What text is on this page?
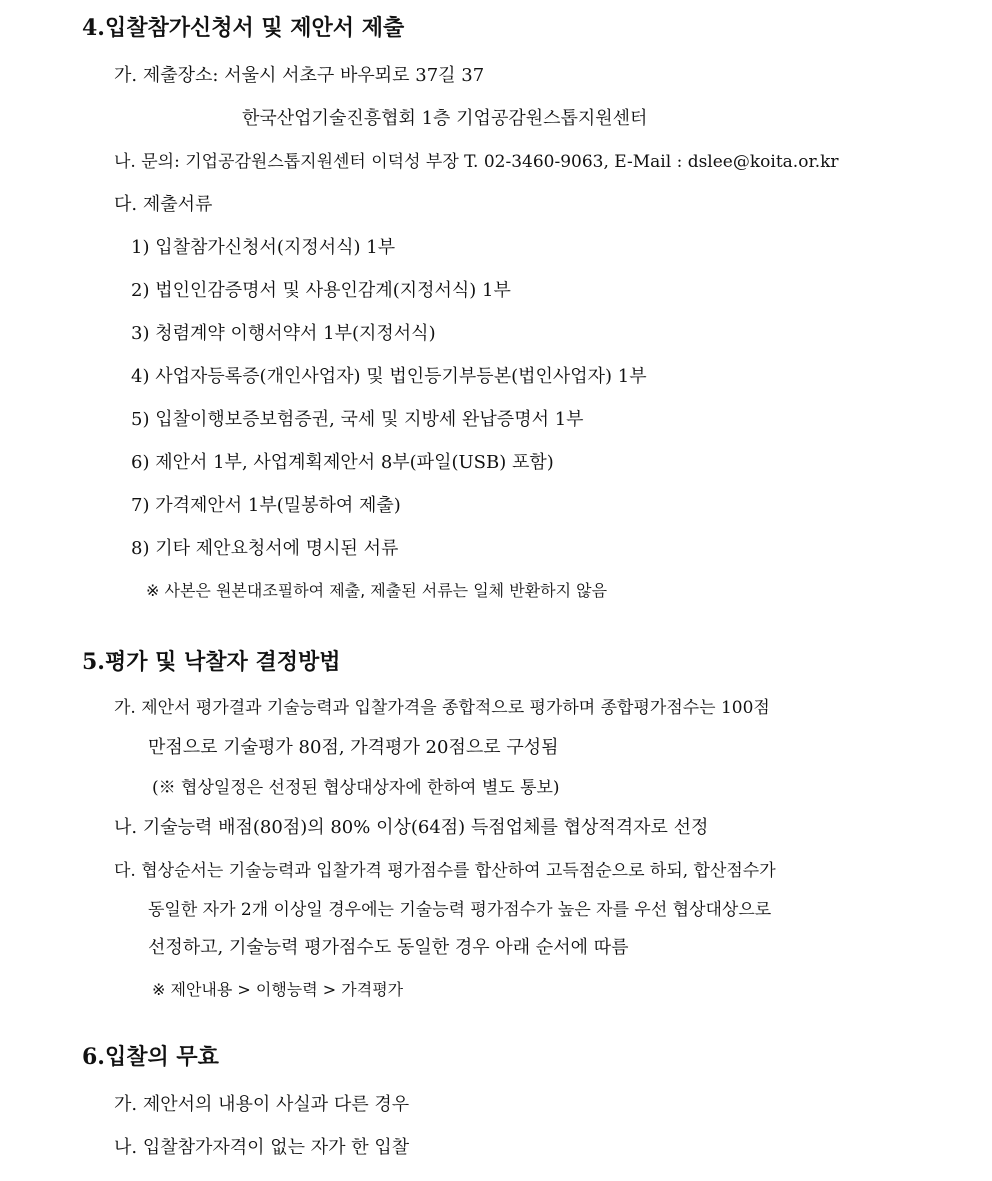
4.입찰참가신청서 및 제안서 제출
가. 제출장소: 서울시 서초구 바우뫼로 37길 37
한국산업기술진흥협회 1층 기업공감원스톱지원센터
나. 문의: 기업공감원스톱지원센터 이덕성 부장 T. 02-3460-9063, E-Mail : dslee@koita.or.kr
다. 제출서류
1) 입찰참가신청서(지정서식) 1부
2) 법인인감증명서 및 사용인감계(지정서식) 1부
3) 청렴계약 이행서약서 1부(지정서식)
4) 사업자등록증(개인사업자) 및 법인등기부등본(법인사업자) 1부
5) 입찰이행보증보험증권, 국세 및 지방세 완납증명서 1부
6) 제안서 1부, 사업계획제안서 8부(파일(USB) 포함)
7) 가격제안서 1부(밀봉하여 제출)
8) 기타 제안요청서에 명시된 서류
※ 사본은 원본대조필하여 제출, 제출된 서류는 일체 반환하지 않음
5.평가 및 낙찰자 결정방법
가. 제안서 평가결과 기술능력과 입찰가격을 종합적으로 평가하며 종합평가점수는 100점
만점으로 기술평가 80점, 가격평가 20점으로 구성됨
(※ 협상일정은 선정된 협상대상자에 한하여 별도 통보)
나. 기술능력 배점(80점)의 80% 이상(64점) 득점업체를 협상적격자로 선정
다. 협상순서는 기술능력과 입찰가격 평가점수를 합산하여 고득점순으로 하되, 합산점수가
동일한 자가 2개 이상일 경우에는 기술능력 평가점수가 높은 자를 우선 협상대상으로
선정하고, 기술능력 평가점수도 동일한 경우 아래 순서에 따름
※ 제안내용 > 이행능력 > 가격평가
6.입찰의 무효
가. 제안서의 내용이 사실과 다른 경우
나. 입찰참가자격이 없는 자가 한 입찰
